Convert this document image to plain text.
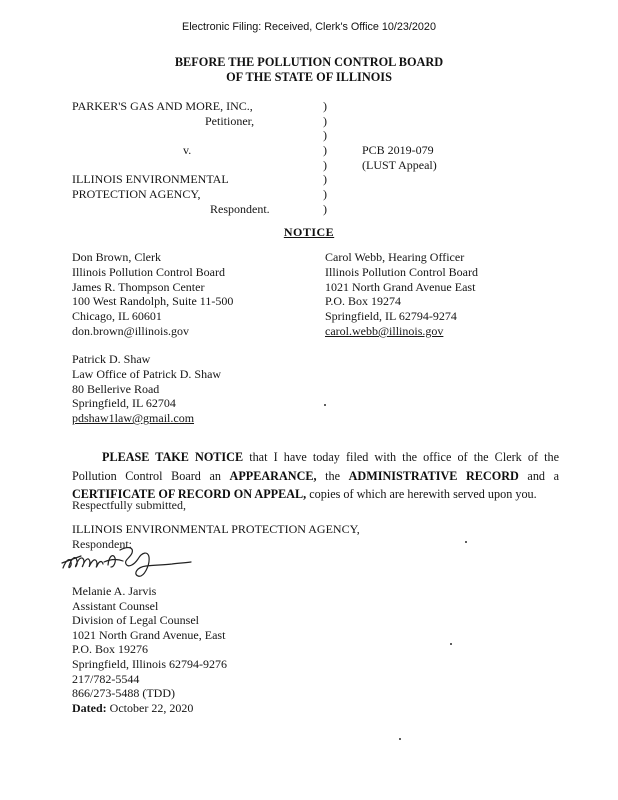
Electronic Filing: Received, Clerk's Office 10/23/2020
BEFORE THE POLLUTION CONTROL BOARD
OF THE STATE OF ILLINOIS
PARKER'S GAS AND MORE, INC.,	)
Petitioner,	)
)
v.	)	PCB 2019-079
)	(LUST Appeal)
ILLINOIS ENVIRONMENTAL	)
PROTECTION AGENCY,	)
Respondent.	)
NOTICE
Don Brown, Clerk
Illinois Pollution Control Board
James R. Thompson Center
100 West Randolph, Suite 11-500
Chicago, IL 60601
don.brown@illinois.gov
Carol Webb, Hearing Officer
Illinois Pollution Control Board
1021 North Grand Avenue East
P.O. Box 19274
Springfield, IL 62794-9274
carol.webb@illinois.gov
Patrick D. Shaw
Law Office of Patrick D. Shaw
80 Bellerive Road
Springfield, IL 62704
pdshaw1law@gmail.com

PLEASE TAKE NOTICE that I have today filed with the office of the Clerk of the Pollution Control Board an APPEARANCE, the ADMINISTRATIVE RECORD and a CERTIFICATE OF RECORD ON APPEAL, copies of which are herewith served upon you.

Respectfully submitted,
ILLINOIS ENVIRONMENTAL PROTECTION AGENCY,
Respondent:
Melanie A. Jarvis
Assistant Counsel
Division of Legal Counsel
1021 North Grand Avenue, East
P.O. Box 19276
Springfield, Illinois 62794-9276
217/782-5544
866/273-5488 (TDD)
Dated: October 22, 2020
